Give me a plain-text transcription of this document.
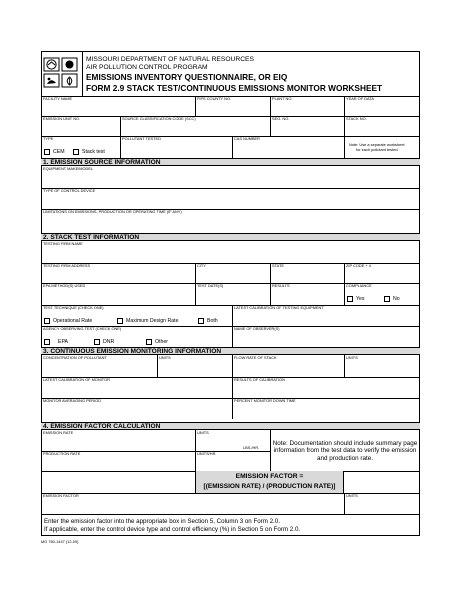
MISSOURI DEPARTMENT OF NATURAL RESOURCES
AIR POLLUTION CONTROL PROGRAM
EMISSIONS INVENTORY QUESTIONNAIRE, OR EIQ
FORM 2.9 STACK TEST/CONTINUOUS EMISSIONS MONITOR WORKSHEET
FACILITY NAME	FIPS COUNTY NO.	PLANT NO.	YEAR OF DATA
EMISSION UNIT NO.	SOURCE CLASSIFICATION CODE (SCC)	SEG. NO.	STACK NO.
TYPE
CEM	Stack test
POLLUTANT TESTED	CAS NUMBER
Note: Use a separate worksheet
for each pollutant tested.
1. EMISSION SOURCE INFORMATION
EQUIPMENT MAKE/MODEL
TYPE OF CONTROL DEVICE
LIMITATIONS ON EMISSIONS, PRODUCTION OR OPERATING TIME (IF ANY)
2. STACK TEST INFORMATION
TESTING FIRM NAME
TESTING FIRM ADDRESS	CITY	STATE	ZIP CODE + 4
EPA METHOD(S) USED	TEST DATE(S)	RESULTS	COMPLIANCE
Yes	No
TEST TECHNIQUE (CHECK ONE)	LATEST CALIBRATION OF TESTING EQUIPMENT
Operational Rate	Maximum Design Rate	Both
AGENCY OBSERVING TEST (CHECK ONE)	NAME OF OBSERVER(S)
EPA	DNR	Other
3. CONTINUOUS EMISSION MONITORING INFORMATION
CONCENTRATION OF POLLUTANT	UNITS	FLOW RATE OF STACK	UNITS
LATEST CALIBRATION OF MONITOR	RESULTS OF CALIBRATION
MONITOR AVERAGING PERIOD	PERCENT MONITOR DOWN TIME
4. EMISSION FACTOR CALCULATION
EMISSION RATE	UNITS
LBS./HR.
PRODUCTION RATE	UNITS/HR.
Note: Documentation should include summary page information from the test data to verify the emission and production rate.
EMISSION FACTOR =
[(EMISSION RATE) / (PRODUCTION RATE)]
EMISSION FACTOR	UNITS
Enter the emission factor into the appropriate box in Section 5, Column 3 on Form 2.0.
If applicable, enter the control device type and control efficiency (%) in Section 5 on Form 2.0.
MO 780-1447 (12-09)
